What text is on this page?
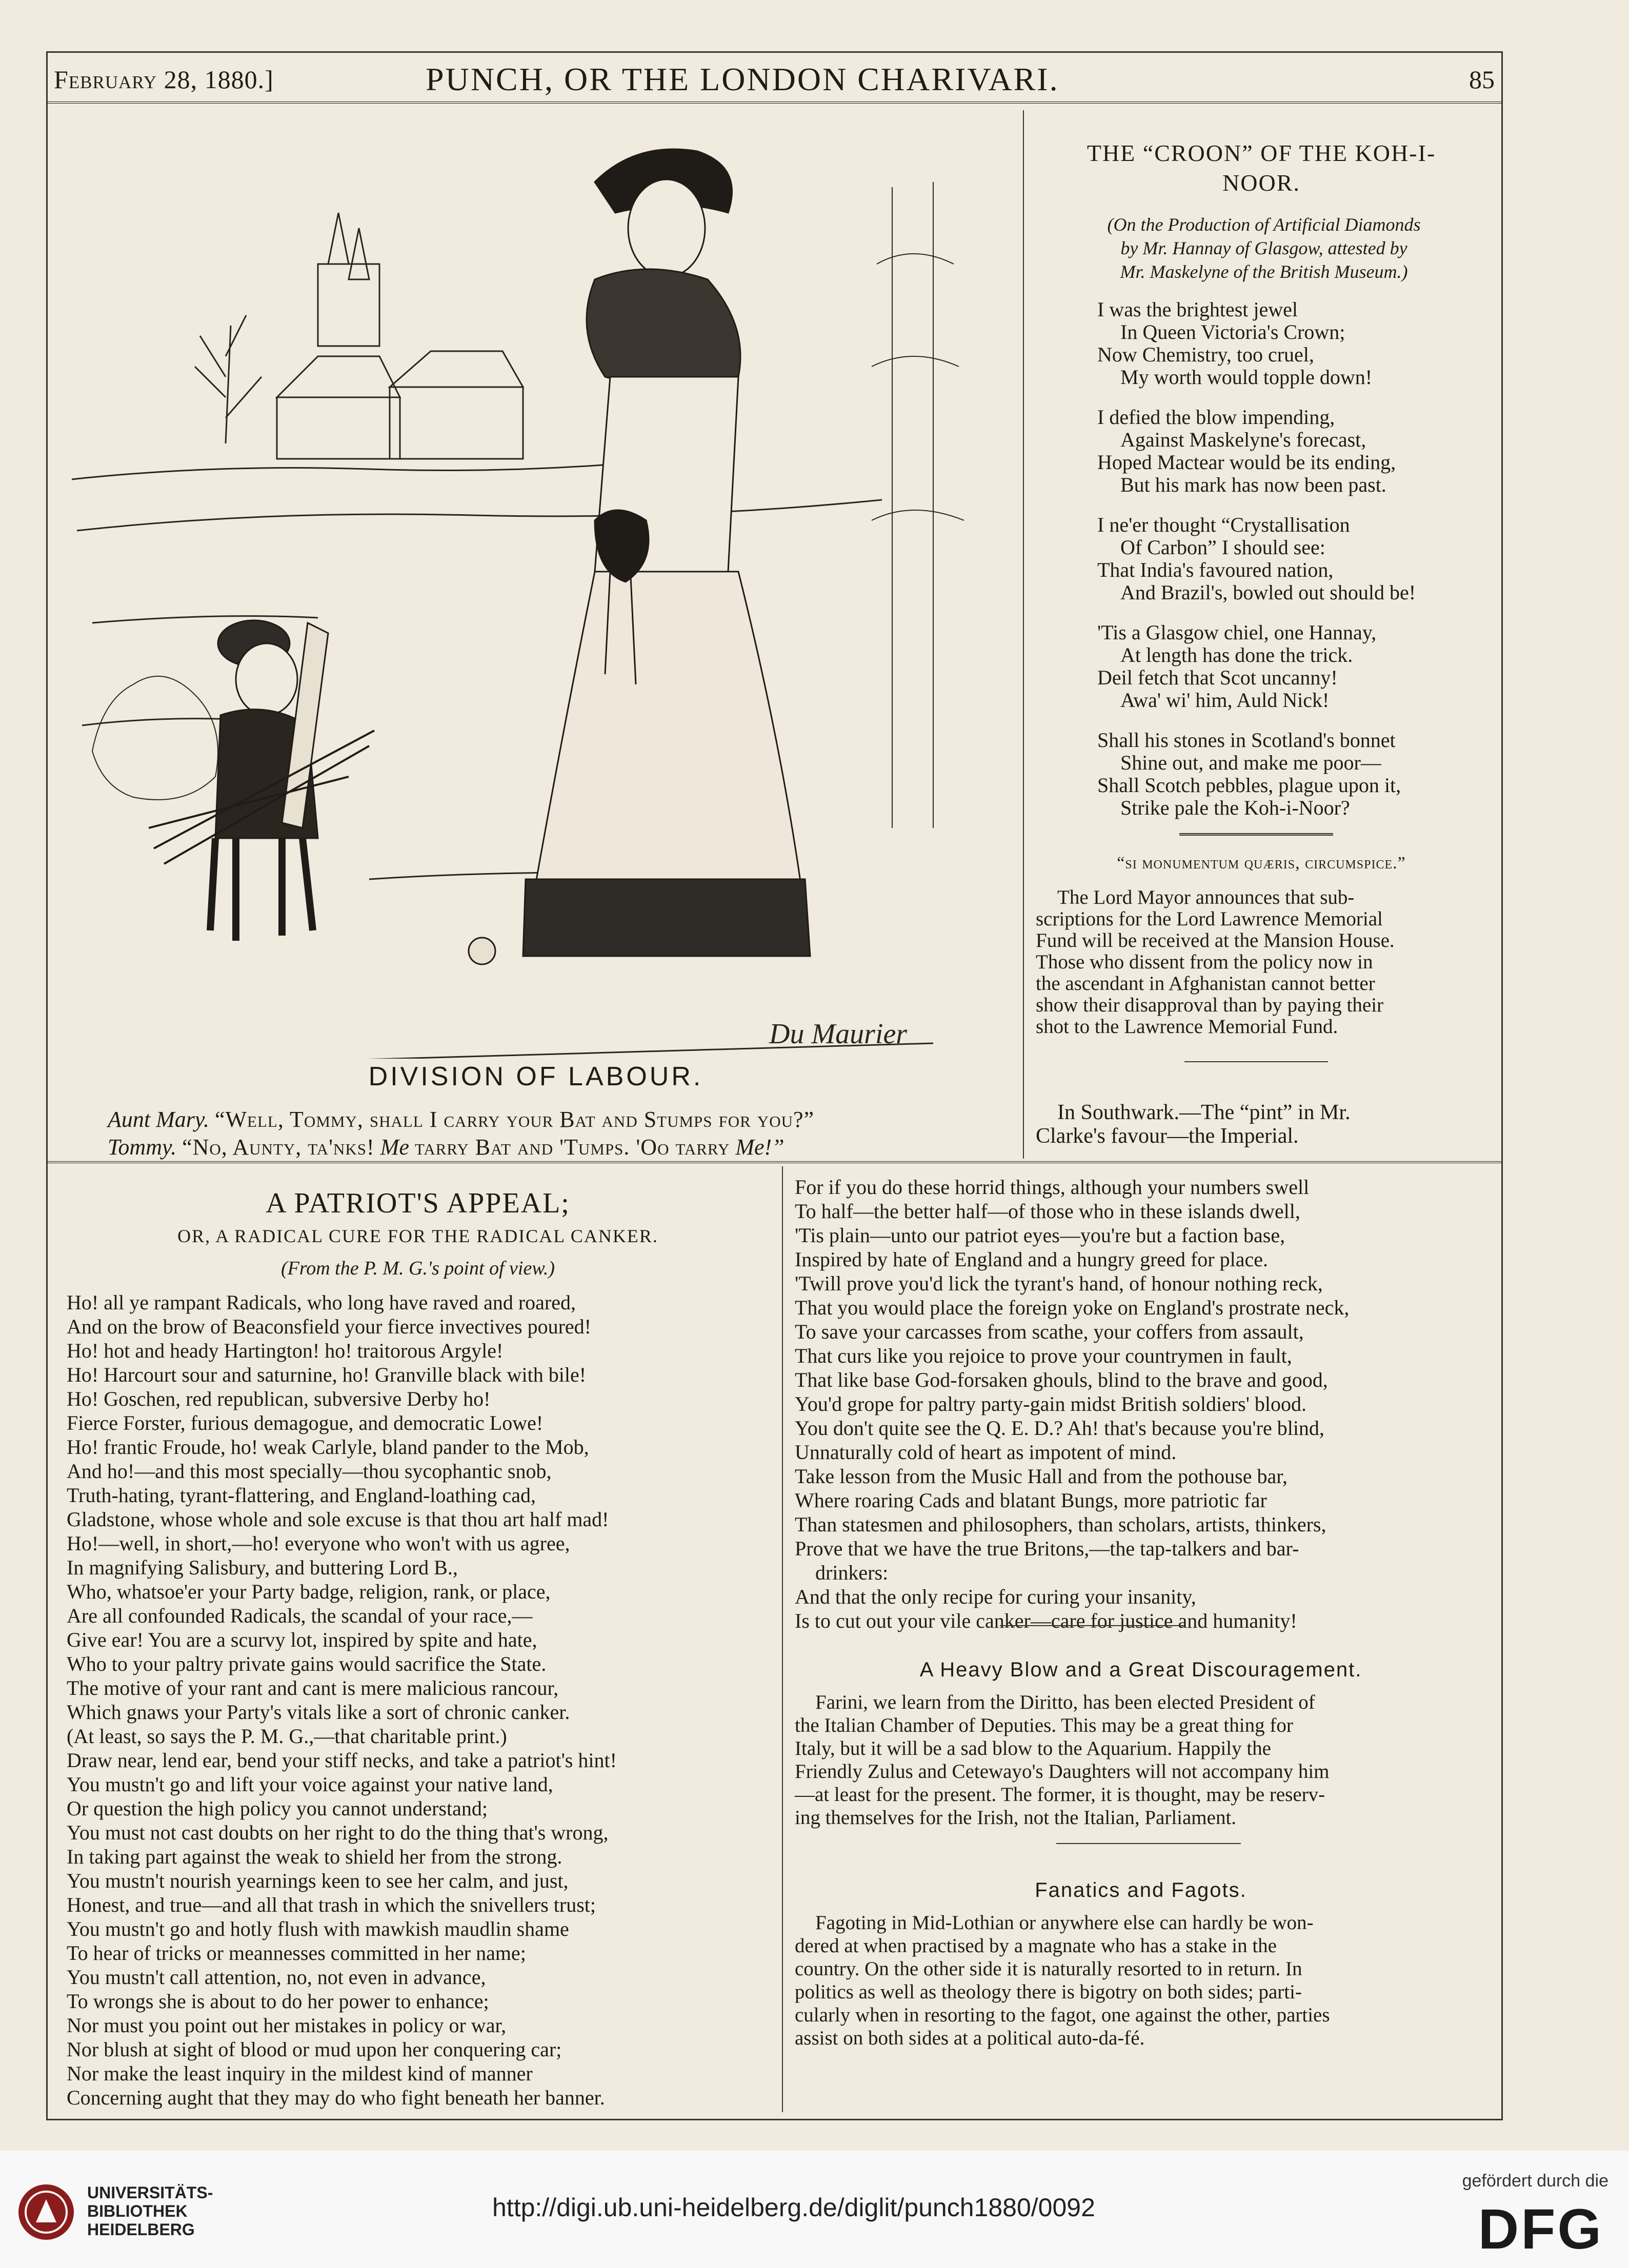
February 28, 1880.]	PUNCH, OR THE LONDON CHARIVARI.	85
Du Maurier
DIVISION OF LABOUR.
Aunt Mary. “Well, Tommy, shall I carry your Bat and Stumps for you?”
Tommy. “No, Aunty, ta'nks! Me tarry Bat and 'Tumps. 'Oo tarry Me!”
THE “CROON” OF THE KOH-I-
NOOR.
(On the Production of Artificial Diamonds
by Mr. Hannay of Glasgow, attested by
Mr. Maskelyne of the British Museum.)
I was the brightest jewel
In Queen Victoria's Crown;
Now Chemistry, too cruel,
My worth would topple down!
I defied the blow impending,
Against Maskelyne's forecast,
Hoped Mactear would be its ending,
But his mark has now been past.
I ne'er thought “Crystallisation
Of Carbon” I should see:
That India's favoured nation,
And Brazil's, bowled out should be!
'Tis a Glasgow chiel, one Hannay,
At length has done the trick.
Deil fetch that Scot uncanny!
Awa' wi' him, Auld Nick!
Shall his stones in Scotland's bonnet
Shine out, and make me poor—
Shall Scotch pebbles, plague upon it,
Strike pale the Koh-i-Noor?
“si monumentum quæris, circumspice.”
The Lord Mayor announces that sub-
scriptions for the Lord Lawrence Memorial
Fund will be received at the Mansion House.
Those who dissent from the policy now in
the ascendant in Afghanistan cannot better
show their disapproval than by paying their
shot to the Lawrence Memorial Fund.
In Southwark.—The “pint” in Mr.
Clarke's favour—the Imperial.
A PATRIOT'S APPEAL;
OR, A RADICAL CURE FOR THE RADICAL CANKER.
(From the P. M. G.'s point of view.)
Ho! all ye rampant Radicals, who long have raved and roared,
And on the brow of Beaconsfield your fierce invectives poured!
Ho! hot and heady Hartington! ho! traitorous Argyle!
Ho! Harcourt sour and saturnine, ho! Granville black with bile!
Ho! Goschen, red republican, subversive Derby ho!
Fierce Forster, furious demagogue, and democratic Lowe!
Ho! frantic Froude, ho! weak Carlyle, bland pander to the Mob,
And ho!—and this most specially—thou sycophantic snob,
Truth-hating, tyrant-flattering, and England-loathing cad,
Gladstone, whose whole and sole excuse is that thou art half mad!
Ho!—well, in short,—ho! everyone who won't with us agree,
In magnifying Salisbury, and buttering Lord B.,
Who, whatsoe'er your Party badge, religion, rank, or place,
Are all confounded Radicals, the scandal of your race,—
Give ear! You are a scurvy lot, inspired by spite and hate,
Who to your paltry private gains would sacrifice the State.
The motive of your rant and cant is mere malicious rancour,
Which gnaws your Party's vitals like a sort of chronic canker.
(At least, so says the P. M. G.,—that charitable print.)
Draw near, lend ear, bend your stiff necks, and take a patriot's hint!
You mustn't go and lift your voice against your native land,
Or question the high policy you cannot understand;
You must not cast doubts on her right to do the thing that's wrong,
In taking part against the weak to shield her from the strong.
You mustn't nourish yearnings keen to see her calm, and just,
Honest, and true—and all that trash in which the snivellers trust;
You mustn't go and hotly flush with mawkish maudlin shame
To hear of tricks or meannesses committed in her name;
You mustn't call attention, no, not even in advance,
To wrongs she is about to do her power to enhance;
Nor must you point out her mistakes in policy or war,
Nor blush at sight of blood or mud upon her conquering car;
Nor make the least inquiry in the mildest kind of manner
Concerning aught that they may do who fight beneath her banner.
For if you do these horrid things, although your numbers swell
To half—the better half—of those who in these islands dwell,
'Tis plain—unto our patriot eyes—you're but a faction base,
Inspired by hate of England and a hungry greed for place.
'Twill prove you'd lick the tyrant's hand, of honour nothing reck,
That you would place the foreign yoke on England's prostrate neck,
To save your carcasses from scathe, your coffers from assault,
That curs like you rejoice to prove your countrymen in fault,
That like base God-forsaken ghouls, blind to the brave and good,
You'd grope for paltry party-gain midst British soldiers' blood.
You don't quite see the Q. E. D.? Ah! that's because you're blind,
Unnaturally cold of heart as impotent of mind.
Take lesson from the Music Hall and from the pothouse bar,
Where roaring Cads and blatant Bungs, more patriotic far
Than statesmen and philosophers, than scholars, artists, thinkers,
Prove that we have the true Britons,—the tap-talkers and bar-
drinkers:
And that the only recipe for curing your insanity,
Is to cut out your vile canker—care for justice and humanity!
A Heavy Blow and a Great Discouragement.
Farini, we learn from the Diritto, has been elected President of
the Italian Chamber of Deputies. This may be a great thing for
Italy, but it will be a sad blow to the Aquarium. Happily the
Friendly Zulus and Cetewayo's Daughters will not accompany him
—at least for the present. The former, it is thought, may be reserv-
ing themselves for the Irish, not the Italian, Parliament.
Fanatics and Fagots.
Fagoting in Mid-Lothian or anywhere else can hardly be won-
dered at when practised by a magnate who has a stake in the
country. On the other side it is naturally resorted to in return. In
politics as well as theology there is bigotry on both sides; parti-
cularly when in resorting to the fagot, one against the other, parties
assist on both sides at a political auto-da-fé.
UNIVERSITÄTS-
BIBLIOTHEK
HEIDELBERG
http://digi.ub.uni-heidelberg.de/diglit/punch1880/0092
gefördert durch die
DFG
